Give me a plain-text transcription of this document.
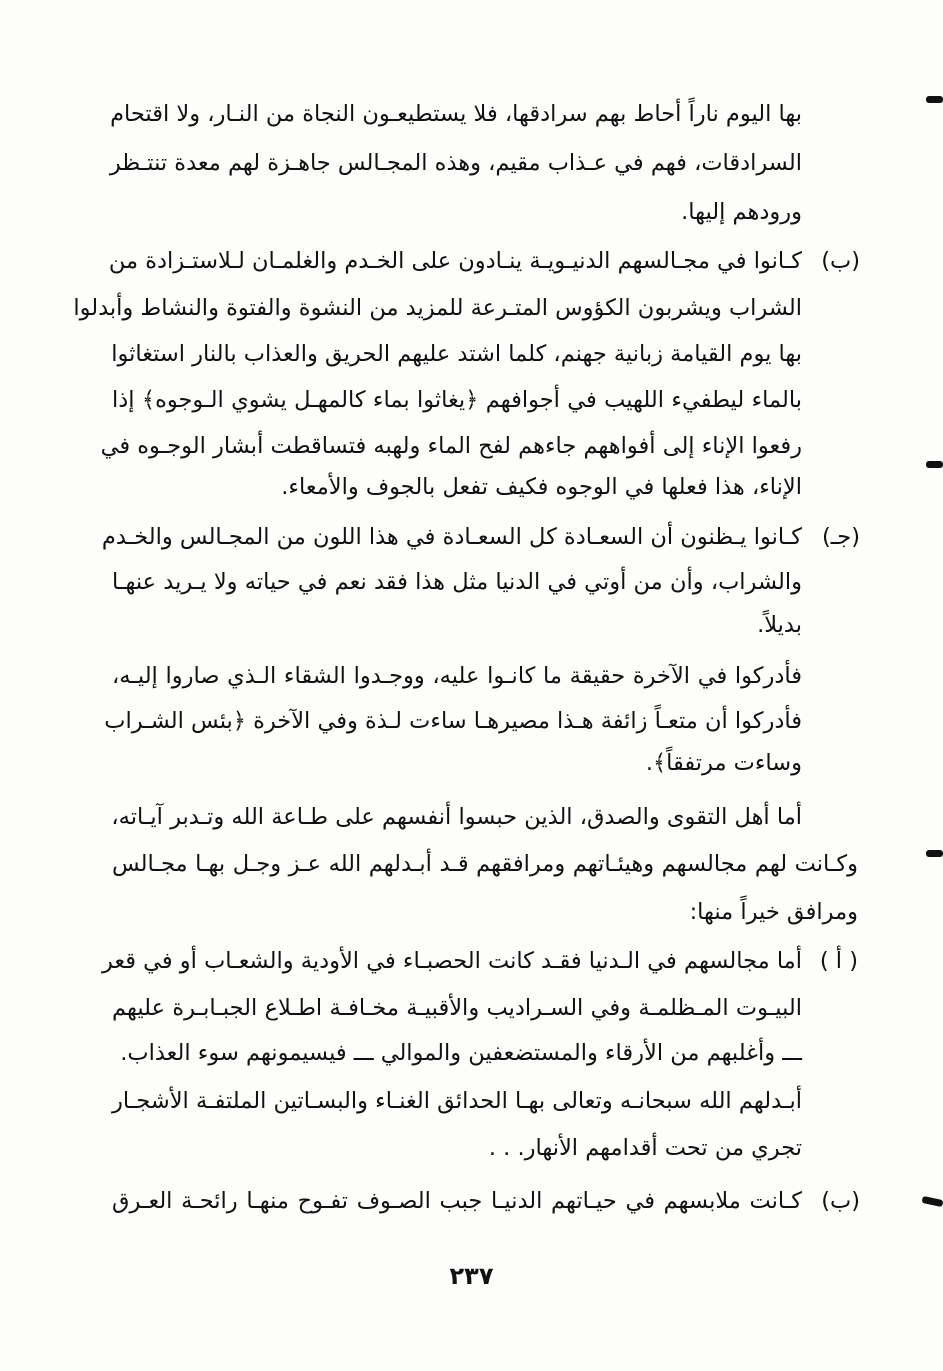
بها اليوم ناراً أحاط بهم سرادقها، فلا يستطيعـون النجاة من النـار، ولا اقتحام
السرادقات، فهم في عـذاب مقيم، وهذه المجـالس جاهـزة لهم معدة تنتـظر
ورودهم إليها.
(ب)
كـانوا في مجـالسهم الدنيـويـة ينـادون على الخـدم والغلمـان لـلاستـزادة من
الشراب ويشربون الكؤوس المتـرعة للمزيد من النشوة والفتوة والنشاط وأبدلوا
بها يوم القيامة زبانية جهنم، كلما اشتد عليهم الحريق والعذاب بالنار استغاثوا
بالماء ليطفيء اللهيب في أجوافهم ﴿يغاثوا بماء كالمهـل يشوي الـوجوه﴾ إذا
رفعوا الإناء إلى أفواههم جاءهم لفح الماء ولهبه فتساقطت أبشار الوجـوه في
الإناء، هذا فعلها في الوجوه فكيف تفعل بالجوف والأمعاء.
(جـ)
كـانوا يـظنون أن السعـادة كل السعـادة في هذا اللون من المجـالس والخـدم
والشراب، وأن من أوتي في الدنيا مثل هذا فقد نعم في حياته ولا يـريد عنهـا
بديلاً.
فأدركوا في الآخرة حقيقة ما كانـوا عليه، ووجـدوا الشقاء الـذي صاروا إليـه،
فأدركوا أن متعـاً زائفة هـذا مصيرهـا ساءت لـذة وفي الآخرة ﴿بئس الشـراب
وساءت مرتفقاً﴾.
أما أهل التقوى والصدق، الذين حبسوا أنفسهم على طـاعة الله وتـدبر آيـاته،
وكـانت لهم مجالسهم وهيئـاتهم ومرافقهم قـد أبـدلهم الله عـز وجـل بهـا مجـالس
ومرافق خيراً منها:
( أ )
أما مجالسهم في الـدنيا فقـد كانت الحصبـاء في الأودية والشعـاب أو في قعر
البيـوت المـظلمـة وفي السـراديب والأقبيـة مخـافـة اطـلاع الجبـابـرة عليهم
ـــ وأغلبهم من الأرقاء والمستضعفين والموالي ـــ فيسيمونهم سوء العذاب.
أبـدلهم الله سبحانـه وتعالى بهـا الحدائق الغنـاء والبسـاتين الملتفـة الأشجـار
تجري من تحت أقدامهم الأنهار. . .
(ب)
كـانت ملابسهم في حيـاتهم الدنيـا جبب الصـوف تفـوح منهـا رائحـة العـرق
٢٣٧
